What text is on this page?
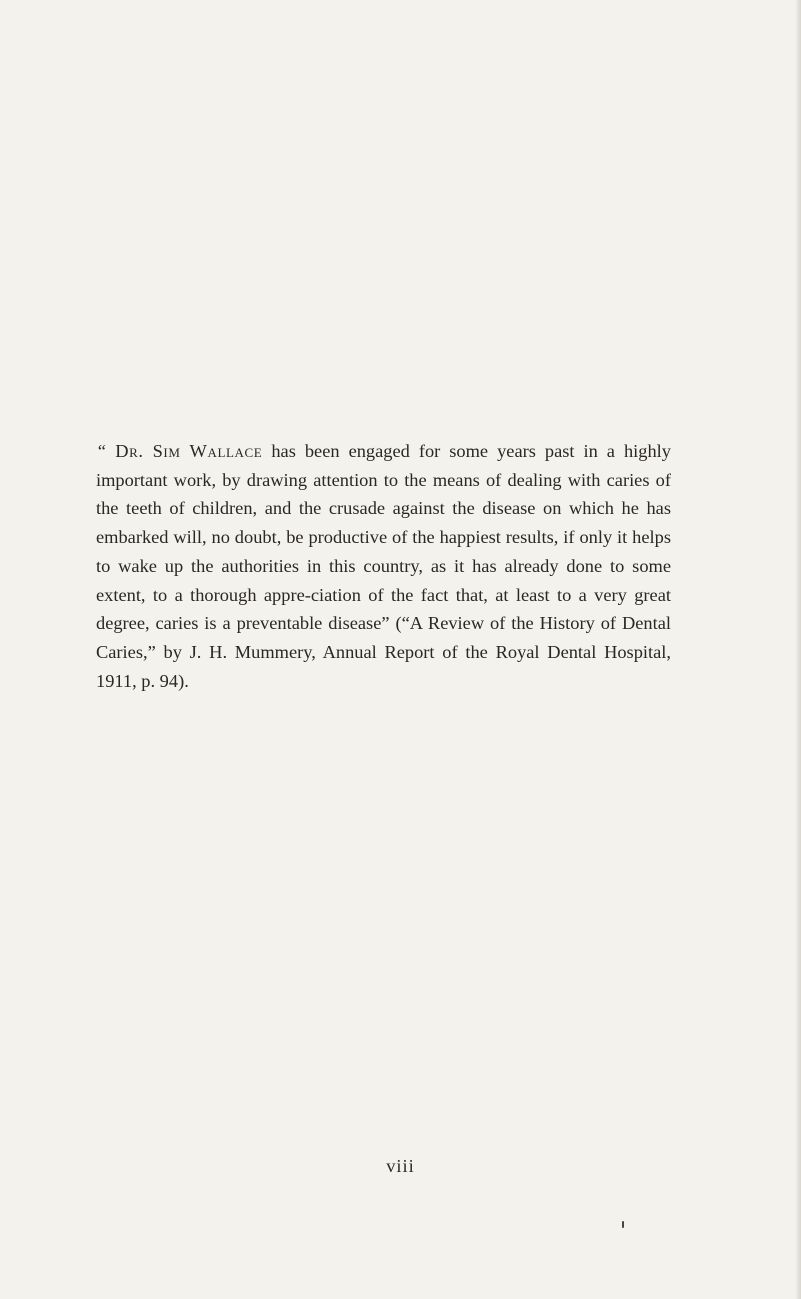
“ Dr. Sim Wallace has been engaged for some years past in a highly important work, by drawing attention to the means of dealing with caries of the teeth of children, and the crusade against the disease on which he has embarked will, no doubt, be productive of the happiest results, if only it helps to wake up the authorities in this country, as it has already done to some extent, to a thorough appre-ciation of the fact that, at least to a very great degree, caries is a preventable disease” (“A Review of the History of Dental Caries,” by J. H. Mummery, Annual Report of the Royal Dental Hospital, 1911, p. 94).

viii
